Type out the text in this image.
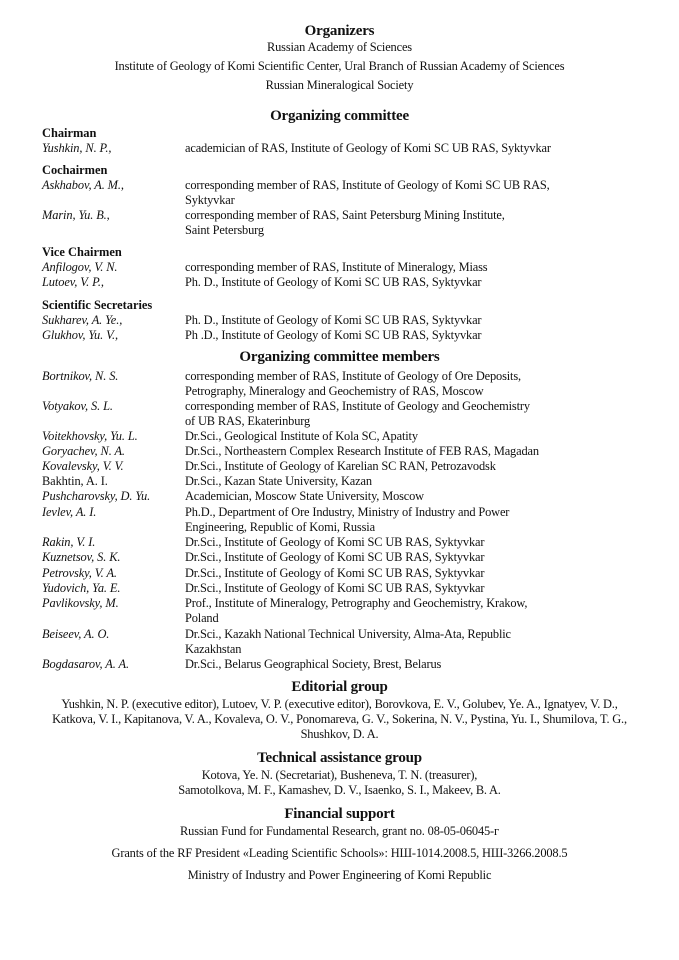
Organizers
Russian Academy of Sciences
Institute of Geology of Komi Scientific Center, Ural Branch of Russian Academy of Sciences
Russian Mineralogical Society
Organizing committee
Chairman
Yushkin, N. P.,	academician of RAS, Institute of Geology of Komi SC UB RAS, Syktyvkar
Cochairmen
Askhabov, A. M.,	corresponding member of RAS, Institute of Geology of Komi SC UB RAS,
Syktyvkar
Marin, Yu. B.,	corresponding member of RAS, Saint Petersburg Mining Institute,
Saint Petersburg
Vice Chairmen
Anfilogov, V. N.	corresponding member of RAS, Institute of Mineralogy, Miass
Lutoev, V. P.,	Ph. D., Institute of Geology of Komi SC UB RAS, Syktyvkar
Scientific Secretaries
Sukharev, A. Ye.,	Ph. D., Institute of Geology of Komi SC UB RAS, Syktyvkar
Glukhov, Yu. V.,	Ph .D., Institute of Geology of Komi SC UB RAS, Syktyvkar
Organizing committee members
Bortnikov, N. S.	corresponding member of RAS, Institute of Geology of Ore Deposits,
Petrography, Mineralogy and Geochemistry of RAS, Moscow
Votyakov, S. L.	corresponding member of RAS, Institute of Geology and Geochemistry
of UB RAS, Ekaterinburg
Voitekhovsky, Yu. L.	Dr.Sci., Geological Institute of Kola SC, Apatity
Goryachev, N. A.	Dr.Sci., Northeastern Complex Research Institute of FEB RAS, Magadan
Kovalevsky, V. V.	Dr.Sci., Institute of Geology of Karelian SC RAN, Petrozavodsk
Bakhtin, A. I.	Dr.Sci., Kazan State University, Kazan
Pushcharovsky, D. Yu.	Academician, Moscow State University, Moscow
Ievlev, A. I.	Ph.D., Department of Ore Industry, Ministry of Industry and Power
Engineering, Republic of Komi, Russia
Rakin, V. I.	Dr.Sci., Institute of Geology of Komi SC UB RAS, Syktyvkar
Kuznetsov, S. K.	Dr.Sci., Institute of Geology of Komi SC UB RAS, Syktyvkar
Petrovsky, V. A.	Dr.Sci., Institute of Geology of Komi SC UB RAS, Syktyvkar
Yudovich, Ya. E.	Dr.Sci., Institute of Geology of Komi SC UB RAS, Syktyvkar
Pavlikovsky, M.	Prof., Institute of Mineralogy, Petrography and Geochemistry, Krakow,
Poland
Beiseev, A. O.	Dr.Sci., Kazakh National Technical University, Alma-Ata, Republic
Kazakhstan
Bogdasarov, A. A.	Dr.Sci., Belarus Geographical Society, Brest, Belarus
Editorial group
Yushkin, N. P. (executive editor), Lutoev, V. P. (executive editor), Borovkova, E. V., Golubev, Ye. A., Ignatyev, V. D.,
Katkova, V. I., Kapitanova, V. A., Kovaleva, O. V., Ponomareva, G. V., Sokerina, N. V., Pystina, Yu. I., Shumilova, T. G.,
Shushkov, D. A.
Technical assistance group
Kotova, Ye. N. (Secretariat), Busheneva, T. N. (treasurer),
Samotolkova, M. F., Kamashev, D. V., Isaenko, S. I., Makeev, B. A.
Financial support
Russian Fund for Fundamental Research, grant no. 08-05-06045-г
Grants of the RF President «Leading Scientific Schools»: НШ-1014.2008.5, НШ-3266.2008.5
Ministry of Industry and Power Engineering of Komi Republic
